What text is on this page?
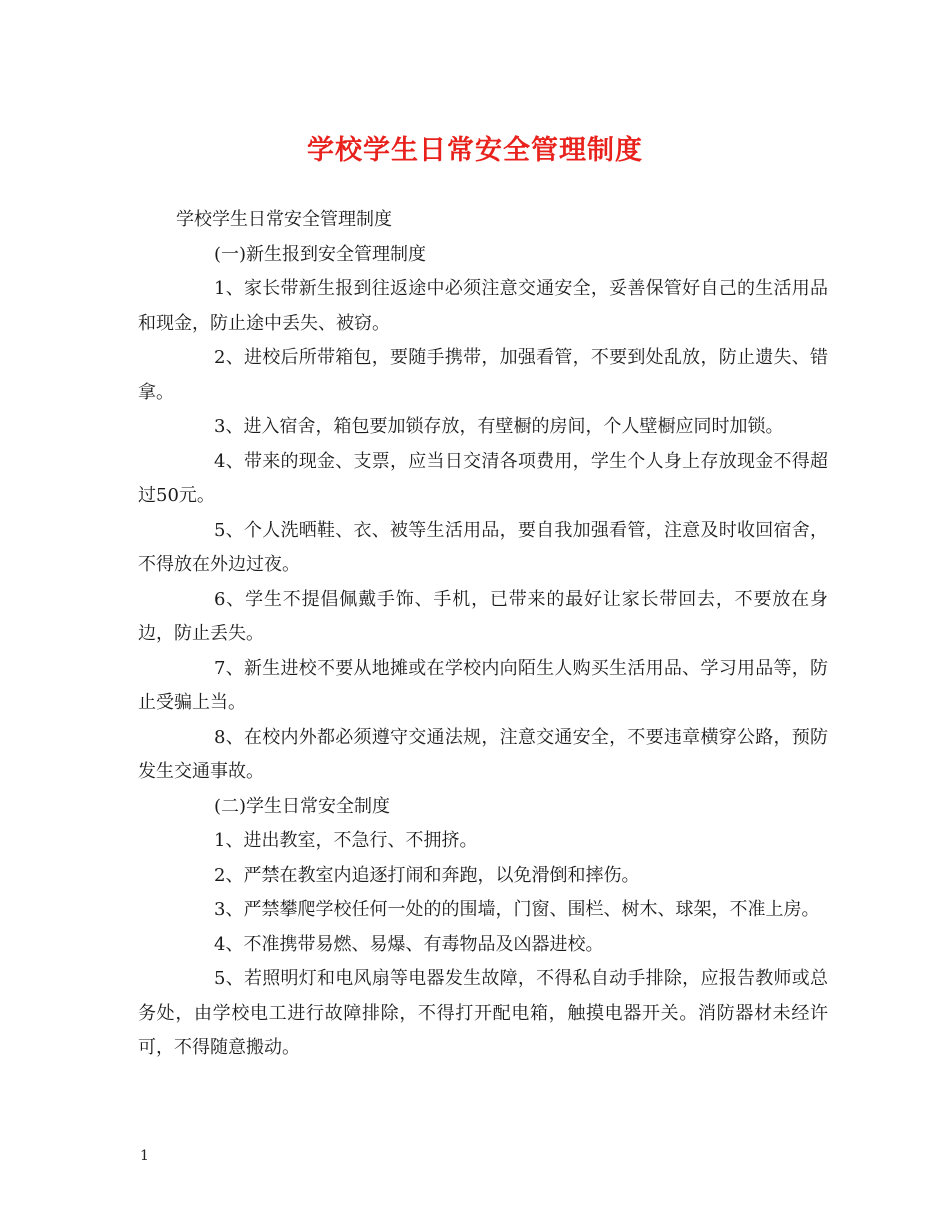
学校学生日常安全管理制度

学校学生日常安全管理制度

(一)新生报到安全管理制度

1、家长带新生报到往返途中必须注意交通安全，妥善保管好自己的生活用品和现金，防止途中丢失、被窃。

2、进校后所带箱包，要随手携带，加强看管，不要到处乱放，防止遗失、错拿。

3、进入宿舍，箱包要加锁存放，有壁橱的房间，个人壁橱应同时加锁。

4、带来的现金、支票，应当日交清各项费用，学生个人身上存放现金不得超过50元。

5、个人洗晒鞋、衣、被等生活用品，要自我加强看管，注意及时收回宿舍，不得放在外边过夜。

6、学生不提倡佩戴手饰、手机，已带来的最好让家长带回去，不要放在身边，防止丢失。

7、新生进校不要从地摊或在学校内向陌生人购买生活用品、学习用品等，防止受骗上当。

8、在校内外都必须遵守交通法规，注意交通安全，不要违章横穿公路，预防发生交通事故。

(二)学生日常安全制度

1、进出教室，不急行、不拥挤。

2、严禁在教室内追逐打闹和奔跑，以免滑倒和摔伤。

3、严禁攀爬学校任何一处的的围墙，门窗、围栏、树木、球架，不准上房。

4、不准携带易燃、易爆、有毒物品及凶器进校。

5、若照明灯和电风扇等电器发生故障，不得私自动手排除，应报告教师或总务处，由学校电工进行故障排除，不得打开配电箱，触摸电器开关。消防器材未经许可，不得随意搬动。

1
